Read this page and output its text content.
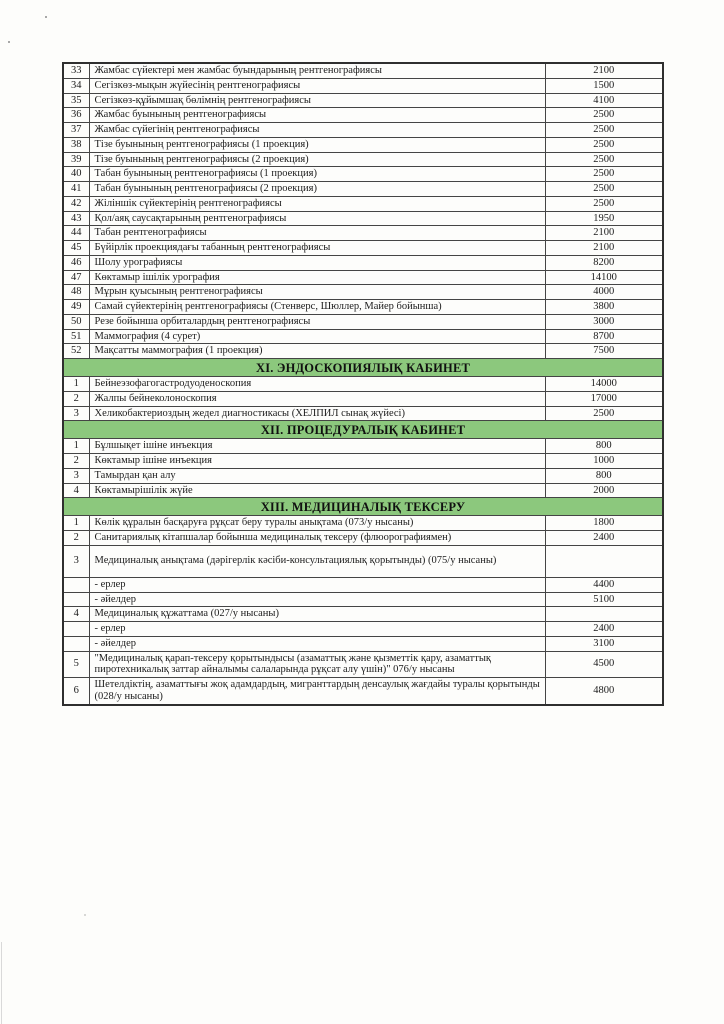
33	Жамбас сүйектері мен жамбас буындарының рентгенографиясы	2100
34	Сегізкөз-мықын жүйесінің рентгенографиясы	1500
35	Сегізкөз-құйымшақ бөлімнің рентгенографиясы	4100
36	Жамбас буынының рентгенографиясы	2500
37	Жамбас сүйегінің рентгенографиясы	2500
38	Тізе буынының рентгенографиясы (1 проекция)	2500
39	Тізе буынының рентгенографиясы (2 проекция)	2500
40	Табан буынының рентгенографиясы (1 проекция)	2500
41	Табан буынының рентгенографиясы (2 проекция)	2500
42	Жіліншік сүйектерінің рентгенографиясы	2500
43	Қол/аяқ саусақтарының рентгенографиясы	1950
44	Табан рентгенографиясы	2100
45	Бүйірлік проекциядағы табанның рентгенографиясы	2100
46	Шолу урографиясы	8200
47	Көктамыр ішілік урография	14100
48	Мұрын қуысының рентгенографиясы	4000
49	Самай сүйектерінің рентгенографиясы (Стенверс, Шюллер, Майер бойынша)	3800
50	Резе бойынша орбиталардың рентгенографиясы	3000
51	Маммография (4 сурет)	8700
52	Мақсатты маммография (1 проекция)	7500
XI. ЭНДОСКОПИЯЛЫҚ КАБИНЕТ		
1	Бейнеэзофагогастродуоденоскопия	14000
2	Жалпы бейнеколоноскопия	17000
3	Хеликобактериоздың жедел диагностикасы (ХЕЛПИЛ сынақ жүйесі)	2500
XII. ПРОЦЕДУРАЛЫҚ КАБИНЕТ		
1	Бұлшықет ішіне инъекция	800
2	Көктамыр ішіне инъекция	1000
3	Тамырдан қан алу	800
4	Көктамырішілік жүйе	2000
XIII. МЕДИЦИНАЛЫҚ ТЕКСЕРУ		
1	Көлік құралын басқаруға рұқсат беру туралы анықтама (073/у нысаны)	1800
2	Санитариялық кітапшалар бойынша медициналық тексеру (флюорографиямен)	2400
3	Медициналық анықтама (дәрігерлік кәсіби-консультациялық қорытынды) (075/у нысаны)	
	- ерлер	4400
	- әйелдер	5100
4	Медициналық құжаттама (027/у нысаны)	
	- ерлер	2400
	- әйелдер	3100
5	"Медициналық қарап-тексеру қорытындысы (азаматтық және қызметтік қару, азаматтық пиротехникалық заттар айналымы салаларында рұқсат алу үшін)" 076/у нысаны	4500
6	Шетелдіктің, азаматтығы жоқ адамдардың, мигранттардың денсаулық жағдайы туралы қорытынды (028/у нысаны)	4800
